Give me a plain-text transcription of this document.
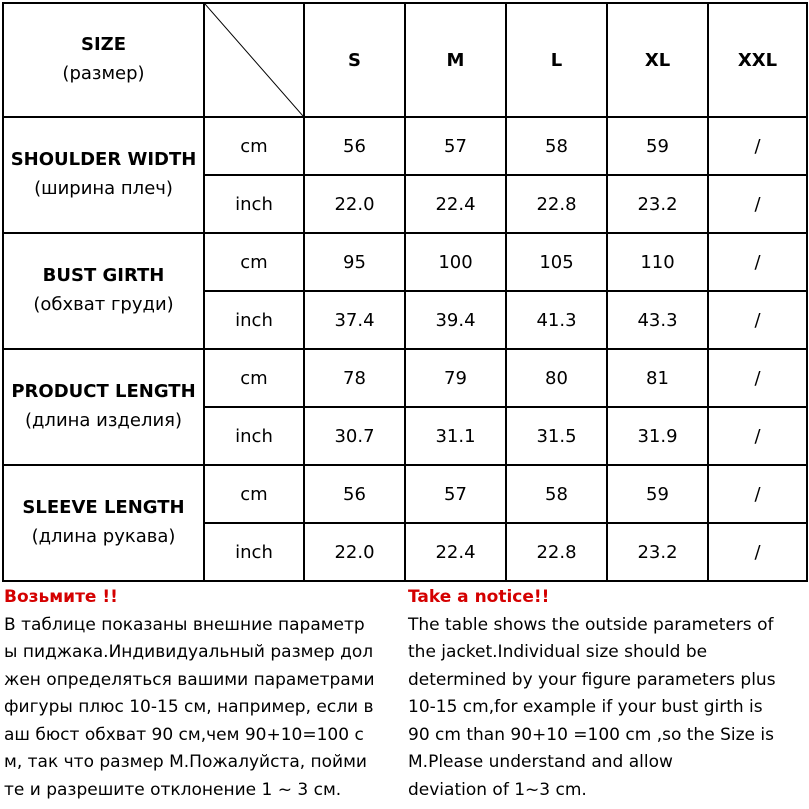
SIZE
(размер)		S	M	L	XL	XXL

SHOULDER WIDTH
(ширина плеч)	cm	56	57	58	59	/
	inch	22.0	22.4	22.8	23.2	/

BUST GIRTH
(обхват груди)	cm	95	100	105	110	/
	inch	37.4	39.4	41.3	43.3	/

PRODUCT LENGTH
(длина изделия)	cm	78	79	80	81	/
	inch	30.7	31.1	31.5	31.9	/

SLEEVE LENGTH
(длина рукава)	cm	56	57	58	59	/
	inch	22.0	22.4	22.8	23.2	/
Возьмите !!
В таблице показаны внешние параметр
ы пиджака.Индивидуальный размер дол
жен определяться вашими параметрами
фигуры плюс 10-15 см, например, если в
аш бюст обхват 90 см,чем 90+10=100 с
м, так что размер M.Пожалуйста, пойми
те и разрешите отклонение 1 ~ 3 см.
Take a notice!!
The table shows the outside parameters of
the jacket.Individual size should be
determined by your figure parameters plus
10-15 cm,for example if your bust girth is
90 cm than 90+10 =100 cm ,so the Size is
M.Please understand and allow
deviation of 1~3 cm.
